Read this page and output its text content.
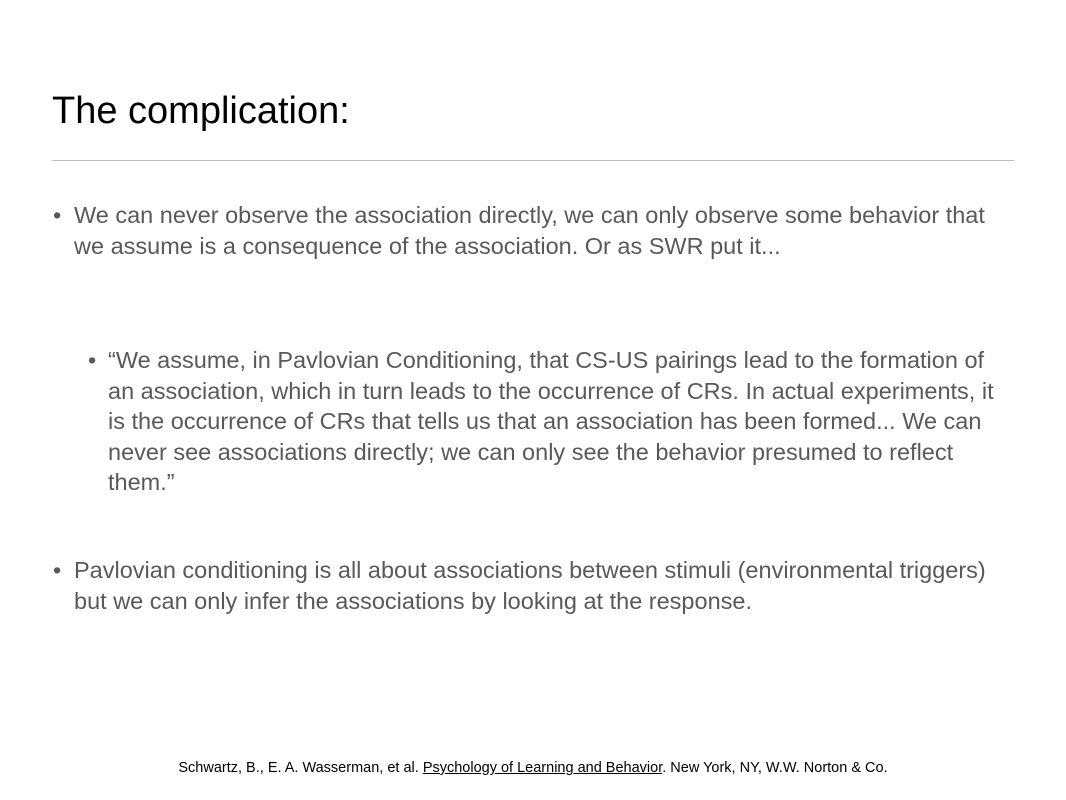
The complication:
• We can never observe the association directly, we can only observe some behavior that we assume is a consequence of the association. Or as SWR put it...
• “We assume, in Pavlovian Conditioning, that CS-US pairings lead to the formation of an association, which in turn leads to the occurrence of CRs. In actual experiments, it is the occurrence of CRs that tells us that an association has been formed... We can never see associations directly; we can only see the behavior presumed to reflect them.”
• Pavlovian conditioning is all about associations between stimuli (environmental triggers) but we can only infer the associations by looking at the response.
Schwartz, B., E. A. Wasserman, et al. Psychology of Learning and Behavior. New York, NY, W.W. Norton & Co.
